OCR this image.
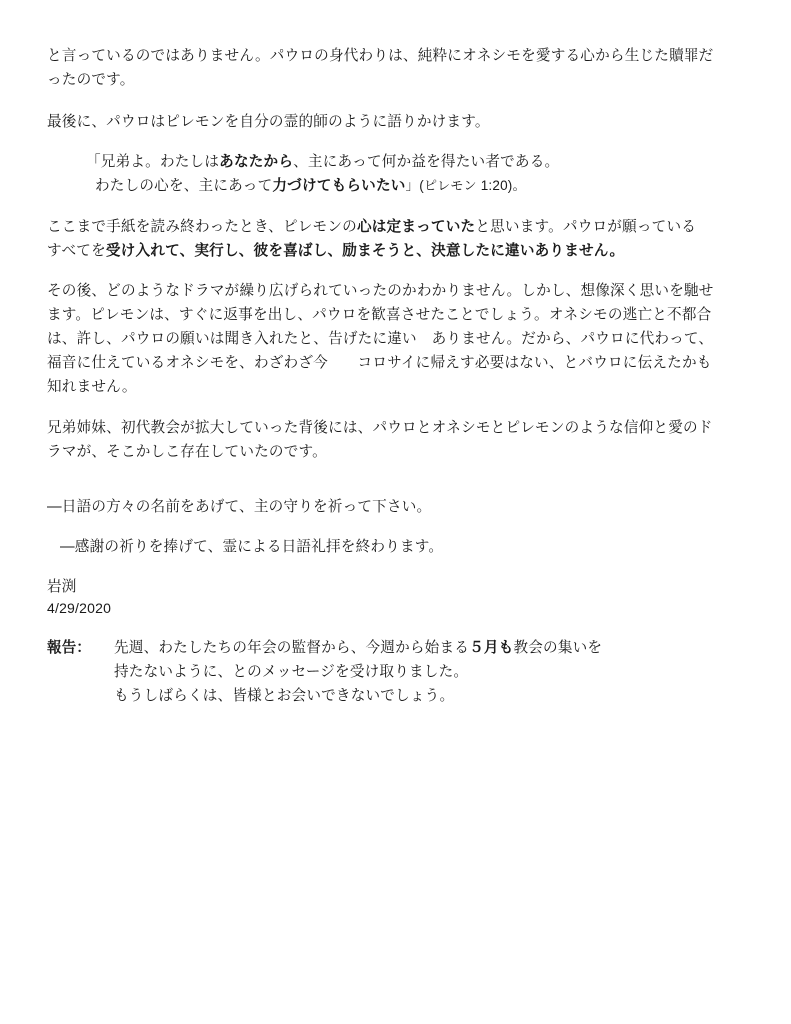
と言っているのではありません。パウロの身代わりは、純粋にオネシモを愛する心から生じた贖罪だ
ったのです。
最後に、パウロはピレモンを自分の霊的師のように語りかけます。
「兄弟よ。わたしはあなたから、主にあって何か益を得たい者である。
わたしの心を、主にあって力づけてもらいたい」(ピレモン 1:20)。
ここまで手紙を読み終わったとき、ピレモンの心は定まっていたと思います。パウロが願っている
すべてを受け入れて、実行し、彼を喜ばし、励まそうと、決意したに違いありません。
その後、どのようなドラマが繰り広げられていったのかわかりません。しかし、想像深く思いを馳せ
ます。ピレモンは、すぐに返事を出し、パウロを歓喜させたことでしょう。オネシモの逃亡と不都合
は、許し、パウロの願いは聞き入れたと、告げたに違い　ありません。だから、パウロに代わって、
福音に仕えているオネシモを、わざわざ今　　コロサイに帰えす必要はない、とバウロに伝えたかも
知れません。
兄弟姉妹、初代教会が拡大していった背後には、パウロとオネシモとピレモンのような信仰と愛のド
ラマが、そこかしこ存在していたのです。
―日語の方々の名前をあげて、主の守りを祈って下さい。
―感謝の祈りを捧げて、霊による日語礼拝を終わります。
岩渕
4/29/2020
報告： 先週、わたしたちの年会の監督から、今週から始まる５月も教会の集いを
持たないように、とのメッセージを受け取りました。
もうしばらくは、皆様とお会いできないでしょう。
